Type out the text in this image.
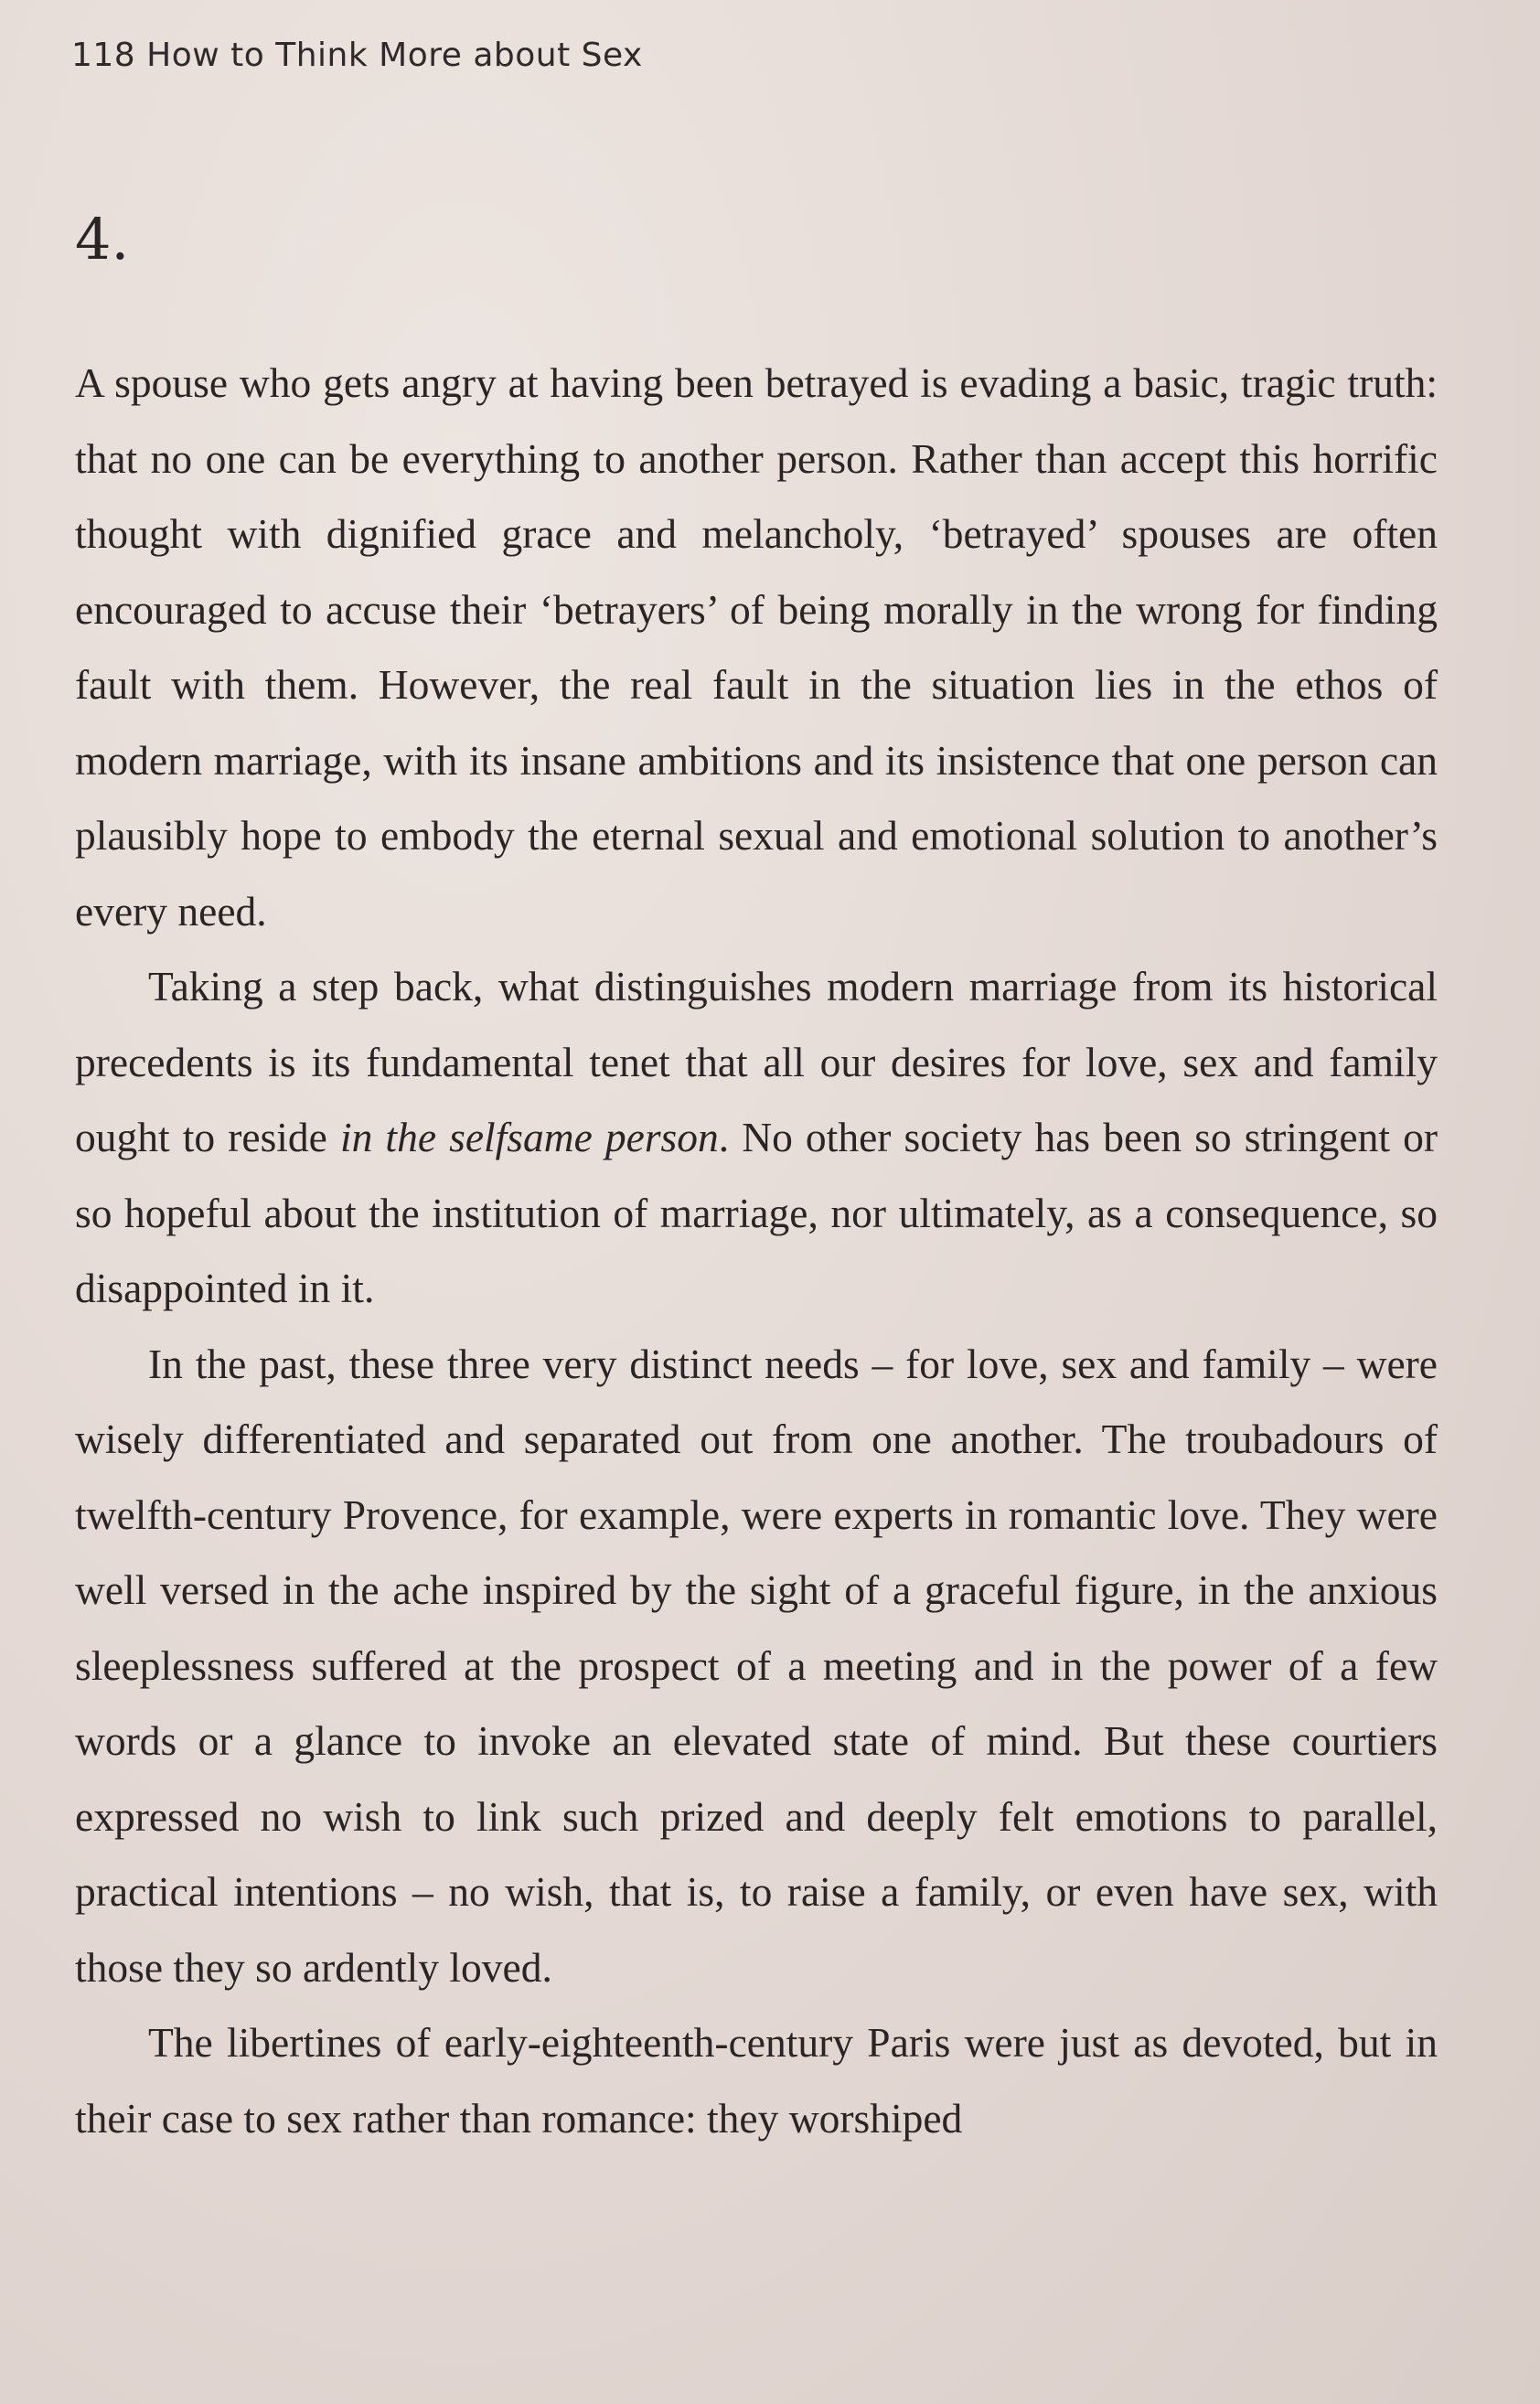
118 How to Think More about Sex
4.

A spouse who gets angry at having been betrayed is evading a basic, tragic truth: that no one can be everything to another person. Rather than accept this horrific thought with dignified grace and melancholy, ‘betrayed’ spouses are often encouraged to accuse their ‘betrayers’ of being morally in the wrong for finding fault with them. However, the real fault in the situation lies in the ethos of modern marriage, with its insane ambitions and its insistence that one person can plausibly hope to embody the eternal sexual and emotional solution to another’s every need.

Taking a step back, what distinguishes modern marriage from its historical precedents is its fundamental tenet that all our desires for love, sex and family ought to reside in the selfsame person. No other society has been so stringent or so hopeful about the institution of marriage, nor ultimately, as a consequence, so disappointed in it.

In the past, these three very distinct needs – for love, sex and family – were wisely differentiated and separated out from one another. The troubadours of twelfth-century Provence, for example, were experts in romantic love. They were well versed in the ache inspired by the sight of a graceful figure, in the anxious sleeplessness suffered at the prospect of a meeting and in the power of a few words or a glance to invoke an elevated state of mind. But these courtiers expressed no wish to link such prized and deeply felt emotions to parallel, practical intentions – no wish, that is, to raise a family, or even have sex, with those they so ardently loved.

The libertines of early-eighteenth-century Paris were just as devoted, but in their case to sex rather than romance: they worshiped
